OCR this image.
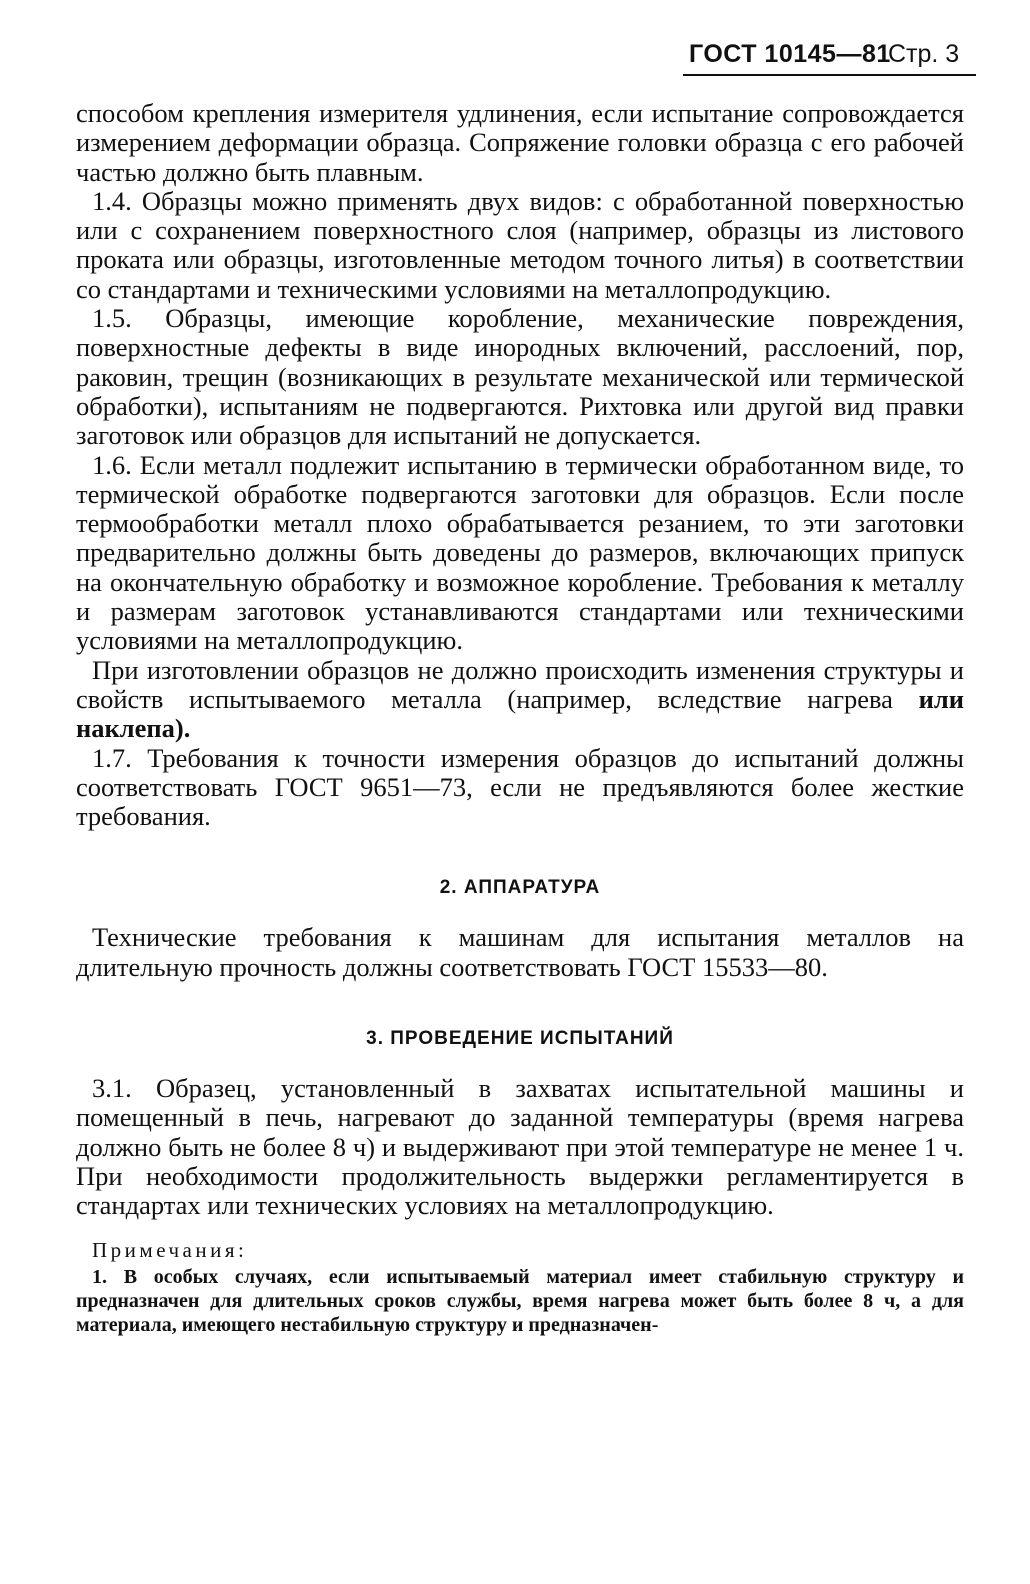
ГОСТ 10145—81
Стр. 3

способом крепления измерителя удлинения, если испытание сопровождается измерением деформации образца. Сопряжение головки образца с его рабочей частью должно быть плавным.

1.4. Образцы можно применять двух видов: с обработанной поверхностью или с сохранением поверхностного слоя (например, образцы из листового проката или образцы, изготовленные методом точного литья) в соответствии со стандартами и техническими условиями на металлопродукцию.

1.5. Образцы, имеющие коробление, механические повреждения, поверхностные дефекты в виде инородных включений, расслоений, пор, раковин, трещин (возникающих в результате механической или термической обработки), испытаниям не подвергаются. Рихтовка или другой вид правки заготовок или образцов для испытаний не допускается.

1.6. Если металл подлежит испытанию в термически обработанном виде, то термической обработке подвергаются заготовки для образцов. Если после термообработки металл плохо обрабатывается резанием, то эти заготовки предварительно должны быть доведены до размеров, включающих припуск на окончательную обработку и возможное коробление. Требования к металлу и размерам заготовок устанавливаются стандартами или техническими условиями на металлопродукцию.

При изготовлении образцов не должно происходить изменения структуры и свойств испытываемого металла (например, вследствие нагрева или наклепа).

1.7. Требования к точности измерения образцов до испытаний должны соответствовать ГОСТ 9651—73, если не предъявляются более жесткие требования.

2. АППАРАТУРА

Технические требования к машинам для испытания металлов на длительную прочность должны соответствовать ГОСТ 15533—80.

3. ПРОВЕДЕНИЕ ИСПЫТАНИЙ

3.1. Образец, установленный в захватах испытательной машины и помещенный в печь, нагревают до заданной температуры (время нагрева должно быть не более 8 ч) и выдерживают при этой температуре не менее 1 ч. При необходимости продолжительность выдержки регламентируется в стандартах или технических условиях на металлопродукцию.

Примечания:

1. В особых случаях, если испытываемый материал имеет стабильную структуру и предназначен для длительных сроков службы, время нагрева может быть более 8 ч, а для материала, имеющего нестабильную структуру и предназначен-
